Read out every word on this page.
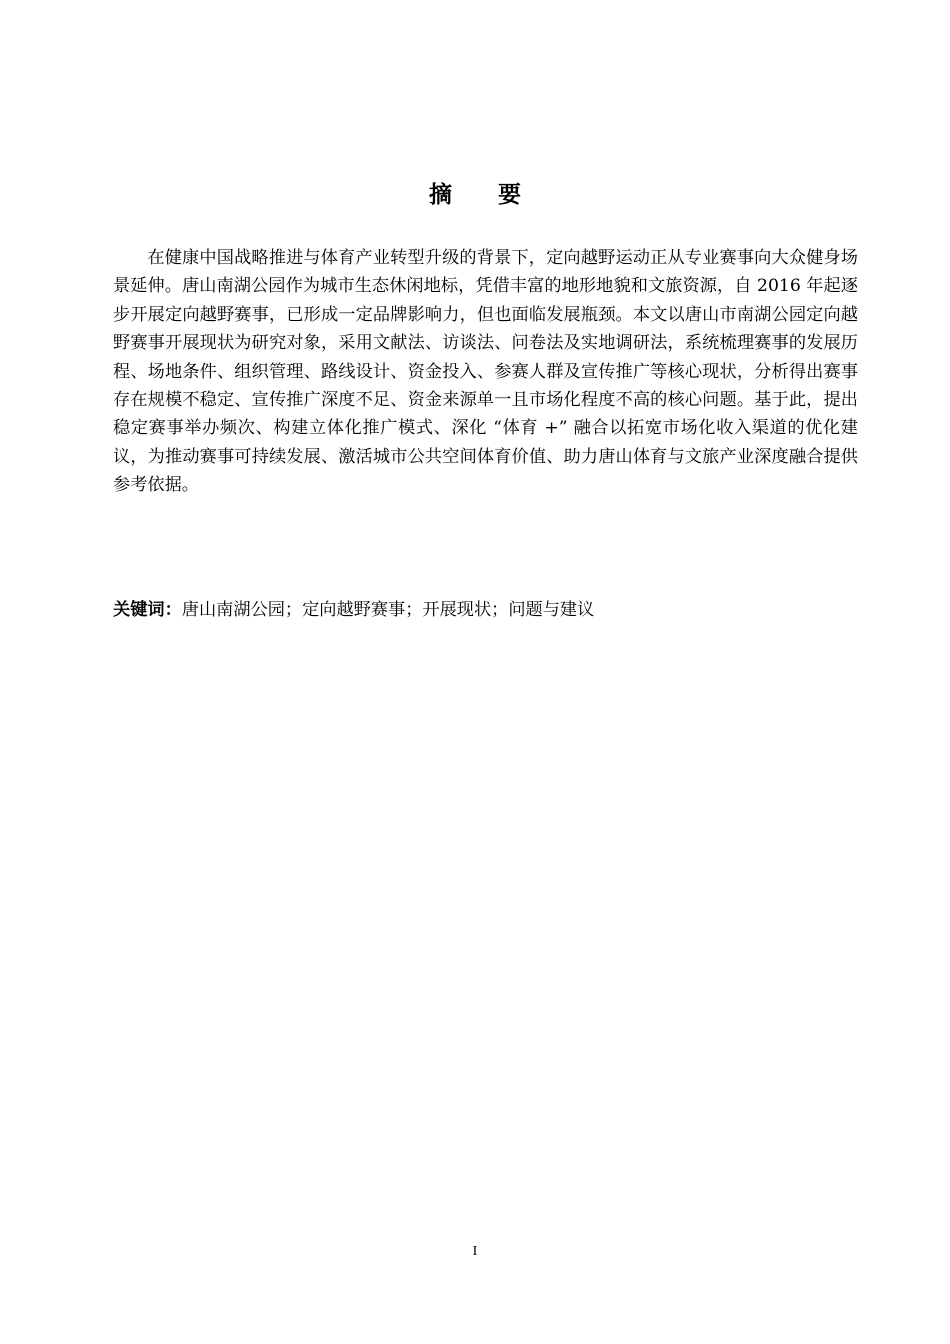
摘 要

在健康中国战略推进与体育产业转型升级的背景下，定向越野运动正从专业赛事向大众健身场景延伸。唐山南湖公园作为城市生态休闲地标，凭借丰富的地形地貌和文旅资源，自 2016 年起逐步开展定向越野赛事，已形成一定品牌影响力，但也面临发展瓶颈。本文以唐山市南湖公园定向越野赛事开展现状为研究对象，采用文献法、访谈法、问卷法及实地调研法，系统梳理赛事的发展历程、场地条件、组织管理、路线设计、资金投入、参赛人群及宣传推广等核心现状，分析得出赛事存在规模不稳定、宣传推广深度不足、资金来源单一且市场化程度不高的核心问题。基于此，提出稳定赛事举办频次、构建立体化推广模式、深化 “体育 +” 融合以拓宽市场化收入渠道的优化建议，为推动赛事可持续发展、激活城市公共空间体育价值、助力唐山体育与文旅产业深度融合提供参考依据。

关键词：唐山南湖公园；定向越野赛事；开展现状；问题与建议

I
